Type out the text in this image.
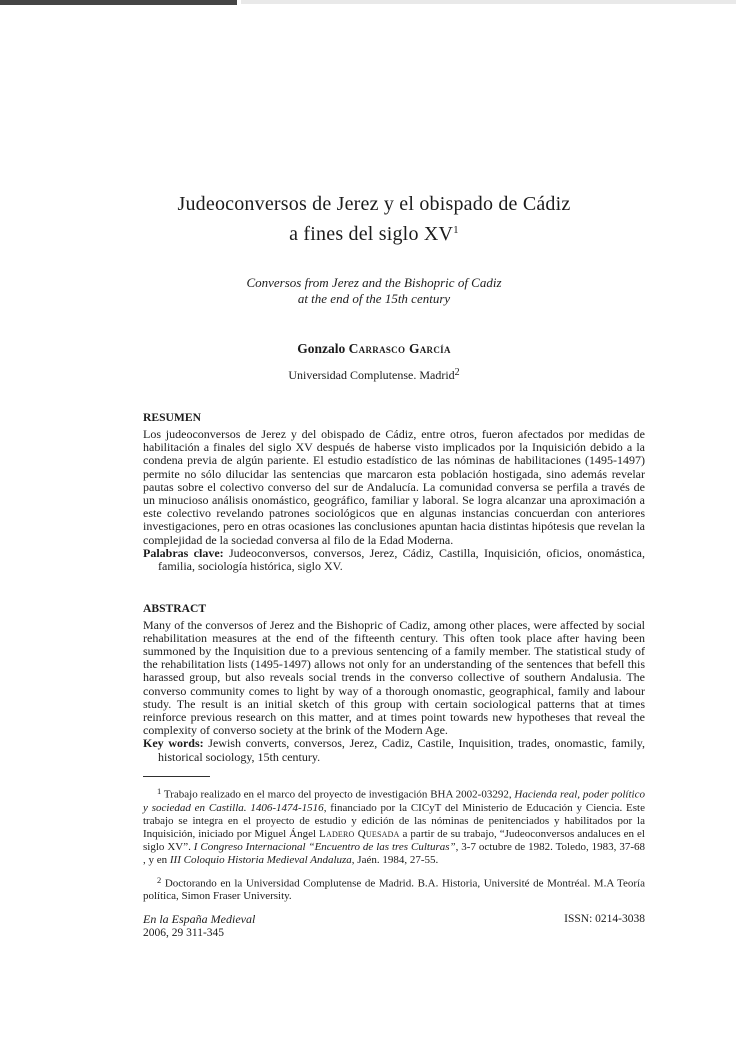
Judeoconversos de Jerez y el obispado de Cádiz
a fines del siglo $XV^1$
Conversos from Jerez and the Bishopric of Cadiz
at the end of the 15th century
Gonzalo Carrasco García
Universidad Complutense. Madrid$^2$
RESUMEN
Los judeoconversos de Jerez y del obispado de Cádiz, entre otros, fueron afectados por medidas de habilitación a finales del siglo XV después de haberse visto implicados por la Inquisición debido a la condena previa de algún pariente. El estudio estadístico de las nóminas de habilitaciones (1495-1497) permite no sólo dilucidar las sentencias que marcaron esta población hostigada, sino además revelar pautas sobre el colectivo converso del sur de Andalucía. La comunidad conversa se perfila a través de un minucioso análisis onomástico, geográfico, familiar y laboral. Se logra alcanzar una aproximación a este colectivo revelando patrones sociológicos que en algunas instancias concuerdan con anteriores investigaciones, pero en otras ocasiones las conclusiones apuntan hacia distintas hipótesis que revelan la complejidad de la sociedad conversa al filo de la Edad Moderna.
Palabras clave: Judeoconversos, conversos, Jerez, Cádiz, Castilla, Inquisición, oficios, onomástica, familia, sociología histórica, siglo XV.
ABSTRACT
Many of the conversos of Jerez and the Bishopric of Cadiz, among other places, were affected by social rehabilitation measures at the end of the fifteenth century. This often took place after having been summoned by the Inquisition due to a previous sentencing of a family member. The statistical study of the rehabilitation lists (1495-1497) allows not only for an understanding of the sentences that befell this harassed group, but also reveals social trends in the converso collective of southern Andalusia. The converso community comes to light by way of a thorough onomastic, geographical, family and labour study. The result is an initial sketch of this group with certain sociological patterns that at times reinforce previous research on this matter, and at times point towards new hypotheses that reveal the complexity of converso society at the brink of the Modern Age.
Key words: Jewish converts, conversos, Jerez, Cadiz, Castile, Inquisition, trades, onomastic, family, historical sociology, 15th century.
$^1$ Trabajo realizado en el marco del proyecto de investigación BHA 2002-03292, Hacienda real, poder político y sociedad en Castilla. 1406-1474-1516, financiado por la CICyT del Ministerio de Educación y Ciencia. Este trabajo se integra en el proyecto de estudio y edición de las nóminas de penitenciados y habilitados por la Inquisición, iniciado por Miguel Ángel Ladero Quesada a partir de su trabajo, “Judeoconversos andaluces en el siglo XV”. I Congreso Internacional “Encuentro de las tres Culturas”, 3-7 octubre de 1982. Toledo, 1983, 37-68 , y en III Coloquio Historia Medieval Andaluza, Jaén. 1984, 27-55.
$^2$ Doctorando en la Universidad Complutense de Madrid. B.A. Historia, Université de Montréal. M.A Teoría política, Simon Fraser University.
En la España Medieval
2006, 29 311-345
ISSN: 0214-3038
